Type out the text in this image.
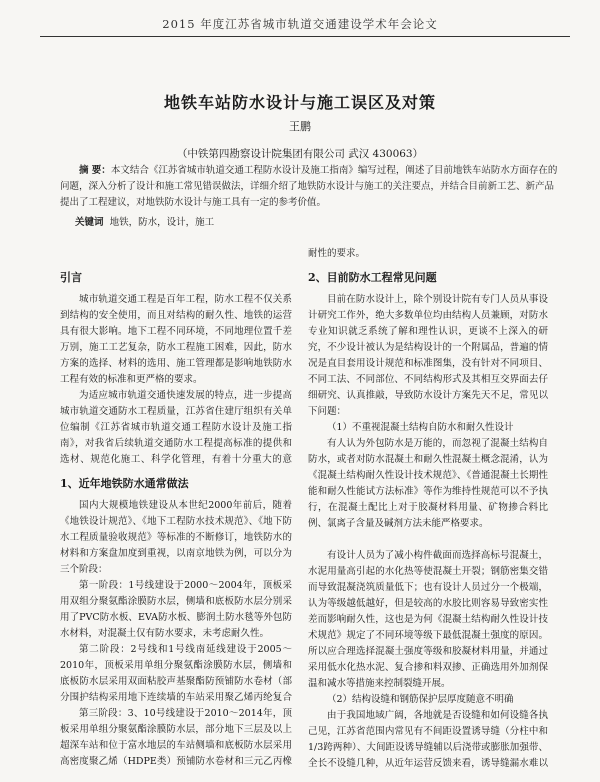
2015 年度江苏省城市轨道交通建设学术年会论文
地铁车站防水设计与施工误区及对策
王鹏
（中铁第四勘察设计院集团有限公司 武汉 430063）
摘 要：本文结合《江苏省城市轨道交通工程防水设计及施工指南》编写过程，阐述了目前地铁车站防水方面存在的问题，深入分析了设计和施工常见错误做法，详细介绍了地铁防水设计与施工的关注要点，并结合目前新工艺、新产品提出了工程建议，对地铁防水设计与施工具有一定的参考价值。
关键词 地铁，防水，设计，施工
引言

城市轨道交通工程是百年工程，防水工程不仅关系到结构的安全使用，而且对结构的耐久性、地铁的运营具有很大影响。地下工程不同环境，不同地理位置千差万别，施工工艺复杂，防水工程施工困难，因此，防水方案的选择、材料的选用、施工管理都是影响地铁防水工程有效的标准和更严格的要求。

为适应城市轨道交通快速发展的特点，进一步提高城市轨道交通防水工程质量，江苏省住建厅组织有关单位编制《江苏省城市轨道交通工程防水设计及施工指南》，对我省后续轨道交通防水工程提高标准的提供和选材、规范化施工、科学化管理，有着十分重大的意

1、近年地铁防水通常做法

国内大规模地铁建设从本世纪2000年前后，随着《地铁设计规范》、《地下工程防水技术规范》、《地下防水工程质量验收规范》等标准的不断修订，地铁防水的材料和方案盘加度到重视，以南京地铁为例，可以分为三个阶段：

第一阶段：1号线建设于2000～2004年，顶板采用双组分聚氨酯涂膜防水层，侧墙和底板防水层分别采用了PVC防水板、EVA防水板、膨润土防水毯等外包防水材料，对混凝土仅有防水要求，未考虑耐久性。

第二阶段：2号线和1号线南延线建设于2005～2010年，顶板采用单组分聚氨酯涂膜防水层，侧墙和底板防水层采用双面粘胶声基聚酯防预铺防水卷材（部分围护结构采用地下连续墙的车站采用聚乙烯丙纶复合

第三阶段：3、10号线建设于2010～2014年，顶板采用单组分聚氨酯涂膜防水层，部分地下三层及以上超深车站和位于富水地层的车站侧墙和底板防水层采用高密度聚乙烯（HDPE类）预铺防水卷材和三元乙丙橡

耐性的要求。

2、目前防水工程常见问题

目前在防水设计上，除个别设计院有专门人员从事设计研究工作外，绝大多数单位均由结构人员兼顾，对防水专业知识就乏系统了解和理性认识，更谈不上深入的研究，不少设计被认为是结构设计的一个附属品，普遍的情况是直目套用设计规范和标准图集，没有针对不同项目、不同工法、不同部位、不同结构形式及其相互交界面去仔细研究、认真推敲，导致防水设计方案先天不足，常见以下问题：

（1）不重视混凝土结构自防水和耐久性设计

有人认为外包防水是万能的，而忽视了混凝土结构自防水，或者对防水混凝土和耐久性混凝土概念混淆，认为《混凝土结构耐久性设计技术规范》、《普通混凝土长期性能和耐久性能试方法标准》等作为维持性规范可以不予执行，在混凝土配比上对于胶凝材料用量、矿物掺合料比例、氯离子含量及碱剂方法未能严格要求。

有设计人员为了减小构件截面而选择高标号混凝土，水泥用量高引起的水化热等使混凝土开裂；钢筋密集交错而导致混凝浇筑质量低下；也有设计人员过分一个极端，认为等级越低越好，但是较高的水胶比则容易导致密实性差而影响耐久性，这也是为何《混凝土结构耐久性设计技术规范》规定了不同环境等级下最低混凝土强度的原因。所以应合理选择混凝土强度等级和胶凝材料用量，并通过采用低水化热水泥、复合掺和料双掺、正确选用外加剂保温和减水等措施来控制裂缝开展。

（2）结构设缝和钢筋保护层厚度随意不明确

由于我国地域广阔，各地就是否设缝和如何设缝各执己见，江苏省范围内常见有不间距设置诱导缝（分柱中和1/3跨两种）、大间距设诱导缝辅以后浇带或膨胀加强带、全长不设缝几种，从近年运营反馈来看，诱导缝漏水难以
